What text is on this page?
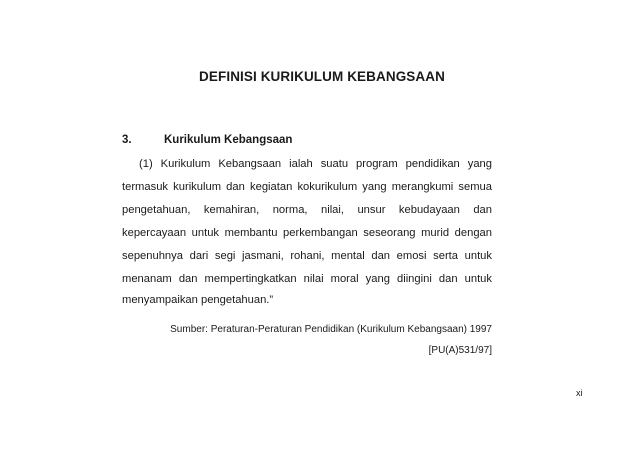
DEFINISI KURIKULUM KEBANGSAAN
3.	Kurikulum Kebangsaan
(1) Kurikulum Kebangsaan ialah suatu program pendidikan yang
termasuk kurikulum dan kegiatan kokurikulum yang merangkumi semua
pengetahuan, kemahiran, norma, nilai, unsur kebudayaan dan
kepercayaan untuk membantu perkembangan seseorang murid dengan
sepenuhnya dari segi jasmani, rohani, mental dan emosi serta untuk
menanam dan mempertingkatkan nilai moral yang diingini dan untuk
menyampaikan pengetahuan.”
Sumber: Peraturan-Peraturan Pendidikan (Kurikulum Kebangsaan) 1997
[PU(A)531/97]
xi
